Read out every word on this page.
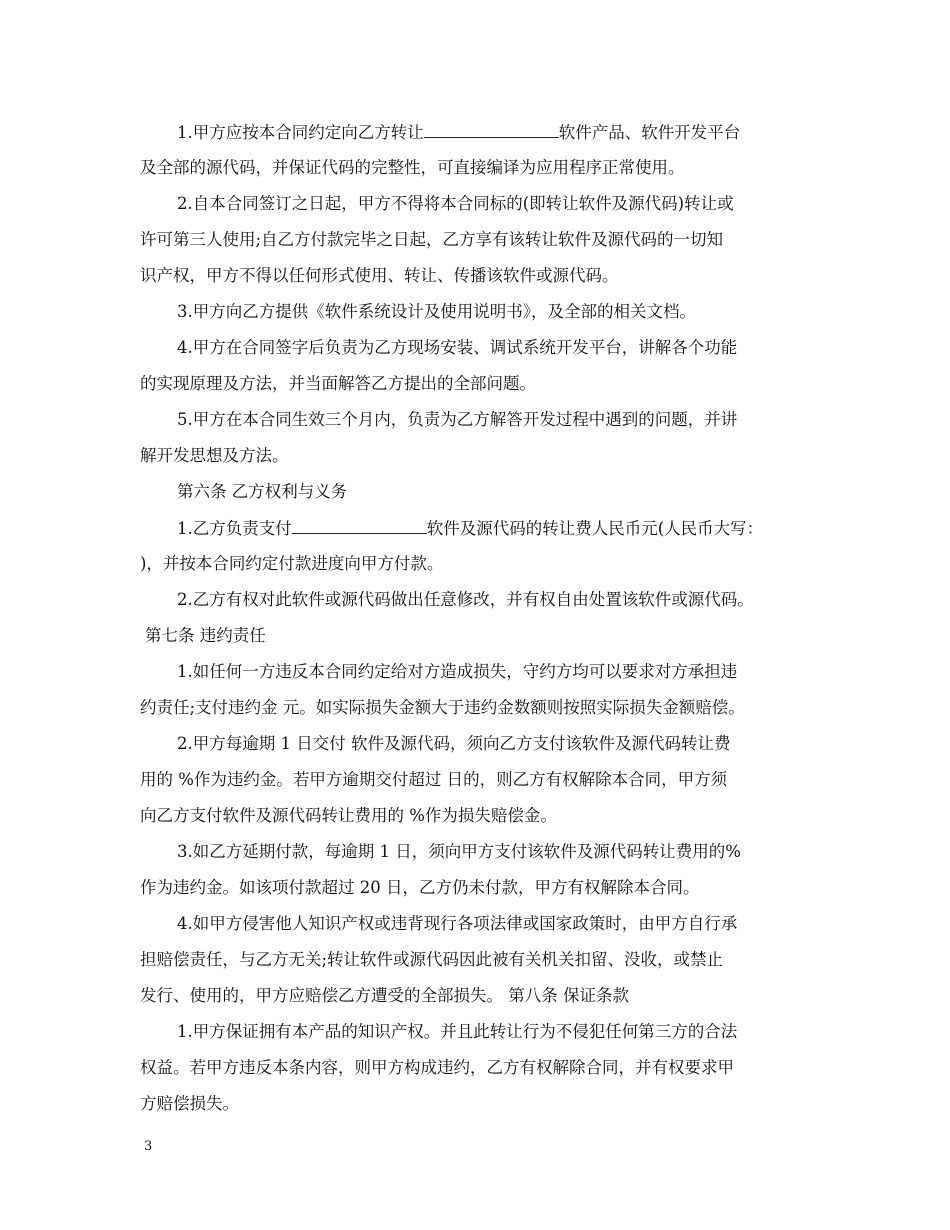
1.甲方应按本合同约定向乙方转让	软件产品、软件开发平台
及全部的源代码，并保证代码的完整性，可直接编译为应用程序正常使用。
2.自本合同签订之日起，甲方不得将本合同标的(即转让软件及源代码)转让或
许可第三人使用;自乙方付款完毕之日起，乙方享有该转让软件及源代码的一切知
识产权，甲方不得以任何形式使用、转让、传播该软件或源代码。
3.甲方向乙方提供《软件系统设计及使用说明书》，及全部的相关文档。
4.甲方在合同签字后负责为乙方现场安装、调试系统开发平台，讲解各个功能
的实现原理及方法，并当面解答乙方提出的全部问题。
5.甲方在本合同生效三个月内，负责为乙方解答开发过程中遇到的问题，并讲
解开发思想及方法。
第六条 乙方权利与义务
1.乙方负责支付	软件及源代码的转让费人民币元(人民币大写：
)，并按本合同约定付款进度向甲方付款。
2.乙方有权对此软件或源代码做出任意修改，并有权自由处置该软件或源代码。
第七条 违约责任
1.如任何一方违反本合同约定给对方造成损失，守约方均可以要求对方承担违
约责任;支付违约金 元。如实际损失金额大于违约金数额则按照实际损失金额赔偿。
2.甲方每逾期 1 日交付 软件及源代码，须向乙方支付该软件及源代码转让费
用的 %作为违约金。若甲方逾期交付超过 日的，则乙方有权解除本合同，甲方须
向乙方支付软件及源代码转让费用的 %作为损失赔偿金。
3.如乙方延期付款，每逾期 1 日，须向甲方支付该软件及源代码转让费用的%
作为违约金。如该项付款超过 20 日，乙方仍未付款，甲方有权解除本合同。
4.如甲方侵害他人知识产权或违背现行各项法律或国家政策时，由甲方自行承
担赔偿责任，与乙方无关;转让软件或源代码因此被有关机关扣留、没收，或禁止
发行、使用的，甲方应赔偿乙方遭受的全部损失。 第八条 保证条款
1.甲方保证拥有本产品的知识产权。并且此转让行为不侵犯任何第三方的合法
权益。若甲方违反本条内容，则甲方构成违约，乙方有权解除合同，并有权要求甲
方赔偿损失。
3
